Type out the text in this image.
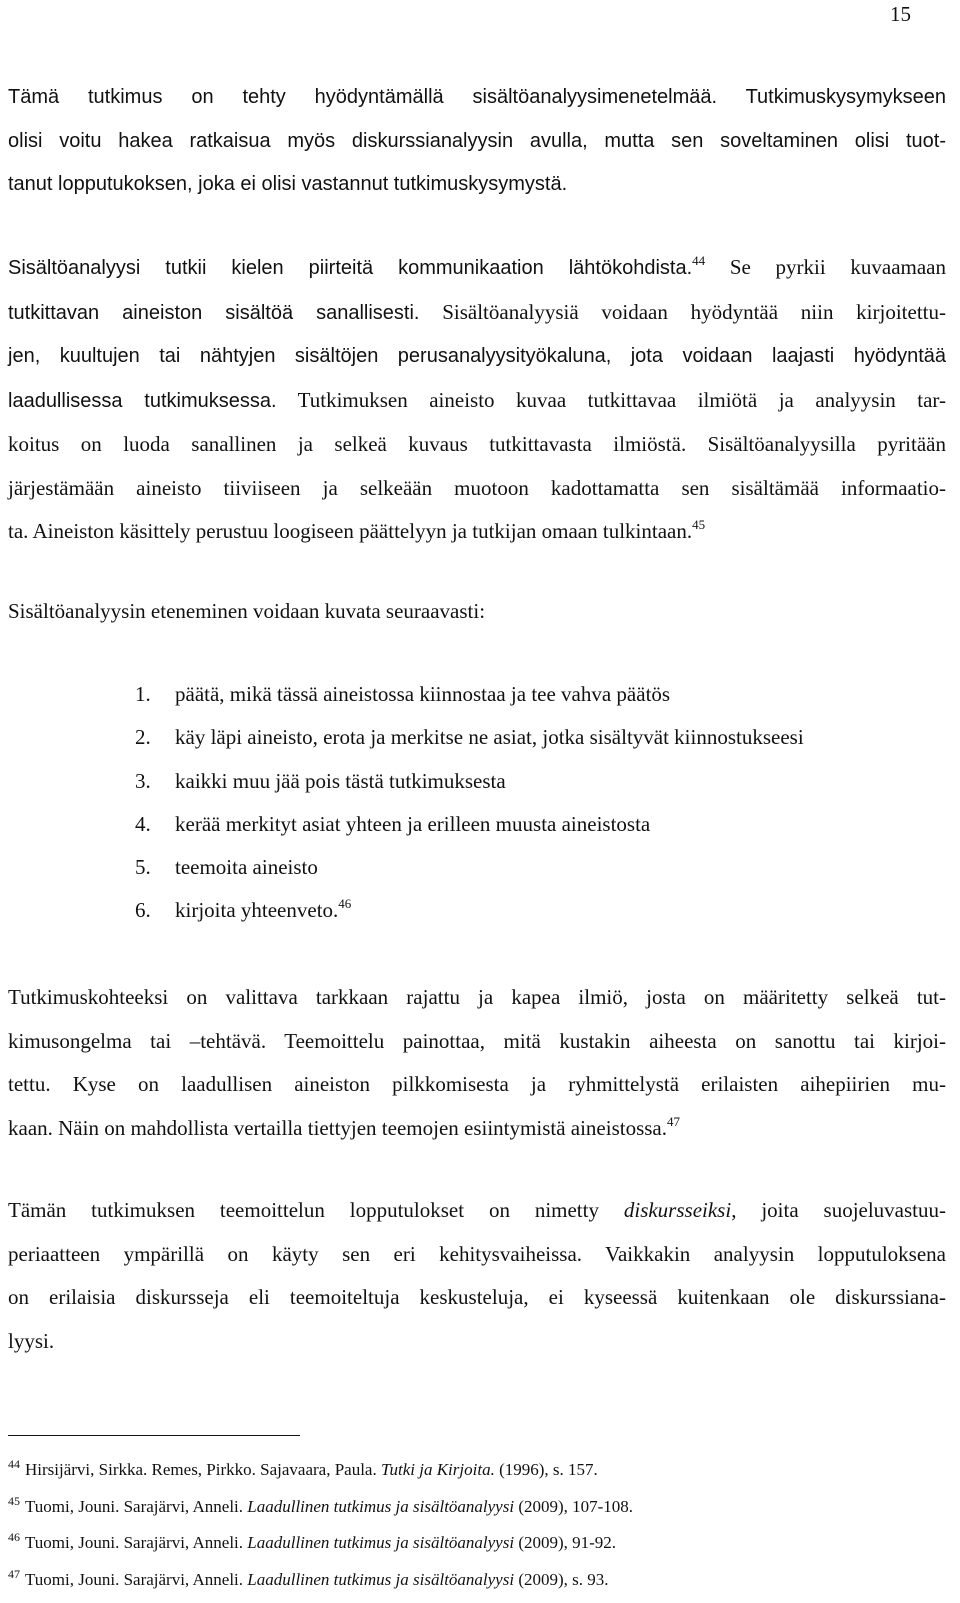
15

Tämä tutkimus on tehty hyödyntämällä sisältöanalyysimenetelmää. Tutkimuskysymykseen
olisi voitu hakea ratkaisua myös diskurssianalyysin avulla, mutta sen soveltaminen olisi tuot-
tanut lopputukoksen, joka ei olisi vastannut tutkimuskysymystä.

Sisältöanalyysi tutkii kielen piirteitä kommunikaation lähtökohdista.$^{44}$ Se pyrkii kuvaamaan
tutkittavan aineiston sisältöä sanallisesti. Sisältöanalyysiä voidaan hyödyntää niin kirjoitettu-
jen, kuultujen tai nähtyjen sisältöjen perusanalyysityökaluna, jota voidaan laajasti hyödyntää
laadullisessa tutkimuksessa. Tutkimuksen aineisto kuvaa tutkittavaa ilmiötä ja analyysin tar-
koitus on luoda sanallinen ja selkeä kuvaus tutkittavasta ilmiöstä. Sisältöanalyysilla pyritään
järjestämään aineisto tiiviiseen ja selkeään muotoon kadottamatta sen sisältämää informaatio-
ta. Aineiston käsittely perustuu loogiseen päättelyyn ja tutkijan omaan tulkintaan.$^{45}$

Sisältöanalyysin eteneminen voidaan kuvata seuraavasti:

1. päätä, mikä tässä aineistossa kiinnostaa ja tee vahva päätös
2. käy läpi aineisto, erota ja merkitse ne asiat, jotka sisältyvät kiinnostukseesi
3. kaikki muu jää pois tästä tutkimuksesta
4. kerää merkityt asiat yhteen ja erilleen muusta aineistosta
5. teemoita aineisto
6. kirjoita yhteenveto.$^{46}$

Tutkimuskohteeksi on valittava tarkkaan rajattu ja kapea ilmiö, josta on määritetty selkeä tut-
kimusongelma tai –tehtävä. Teemoittelu painottaa, mitä kustakin aiheesta on sanottu tai kirjoi-
tettu. Kyse on laadullisen aineiston pilkkomisesta ja ryhmittelystä erilaisten aihepiirien mu-
kaan. Näin on mahdollista vertailla tiettyjen teemojen esiintymistä aineistossa.$^{47}$

Tämän tutkimuksen teemoittelun lopputulokset on nimetty diskursseiksi, joita suojeluvastuu-
periaatteen ympärillä on käyty sen eri kehitysvaiheissa. Vaikkakin analyysin lopputuloksena
on erilaisia diskursseja eli teemoiteltuja keskusteluja, ei kyseessä kuitenkaan ole diskurssiana-
lyysi.

$^{44}$ Hirsijärvi, Sirkka. Remes, Pirkko. Sajavaara, Paula. Tutki ja Kirjoita. (1996), s. 157.
$^{45}$ Tuomi, Jouni. Sarajärvi, Anneli. Laadullinen tutkimus ja sisältöanalyysi (2009), 107-108.
$^{46}$ Tuomi, Jouni. Sarajärvi, Anneli. Laadullinen tutkimus ja sisältöanalyysi (2009), 91-92.
$^{47}$ Tuomi, Jouni. Sarajärvi, Anneli. Laadullinen tutkimus ja sisältöanalyysi (2009), s. 93.
